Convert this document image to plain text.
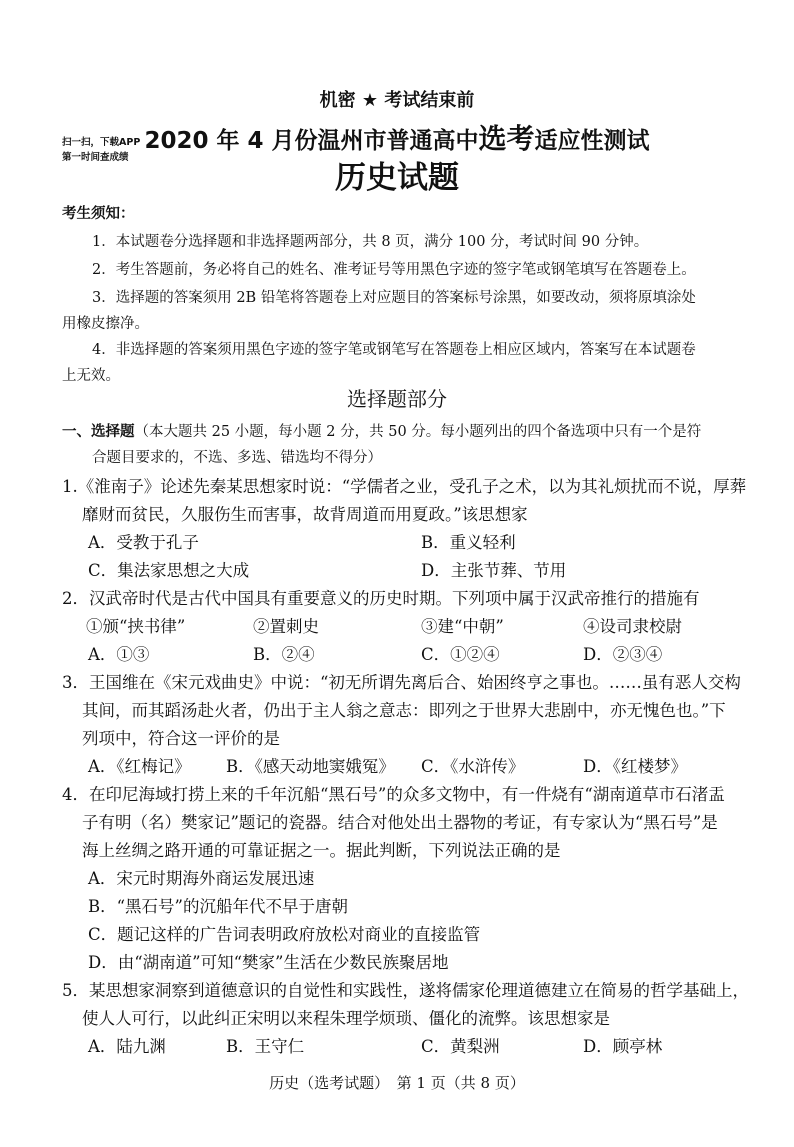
机密 ★ 考试结束前
2020 年 4 月份温州市普通高中选考适应性测试
扫一扫，下载APP
第一时间查成绩
历史试题
考生须知：
1．本试题卷分选择题和非选择题两部分，共 8 页，满分 100 分，考试时间 90 分钟。
2．考生答题前，务必将自己的姓名、准考证号等用黑色字迹的签字笔或钢笔填写在答题卷上。
3．选择题的答案须用 2B 铅笔将答题卷上对应题目的答案标号涂黑，如要改动，须将原填涂处
用橡皮擦净。
4．非选择题的答案须用黑色字迹的签字笔或钢笔写在答题卷上相应区域内，答案写在本试题卷
上无效。
选择题部分
一、选择题（本大题共 25 小题，每小题 2 分，共 50 分。每小题列出的四个备选项中只有一个是符
合题目要求的，不选、多选、错选均不得分）
1.《淮南子》论述先秦某思想家时说：“学儒者之业，受孔子之术，以为其礼烦扰而不说，厚葬
靡财而贫民，久服伤生而害事，故背周道而用夏政。”该思想家
A．受教于孔子	B．重义轻利
C．集法家思想之大成	D．主张节葬、节用
2．汉武帝时代是古代中国具有重要意义的历史时期。下列项中属于汉武帝推行的措施有
①颁“挟书律”	②置刺史	③建“中朝”	④设司隶校尉
A．①③	B．②④	C．①②④	D．②③④
3．王国维在《宋元戏曲史》中说：“初无所谓先离后合、始困终亨之事也。……虽有恶人交构
其间，而其蹈汤赴火者，仍出于主人翁之意志：即列之于世界大悲剧中，亦无愧色也。”下
列项中，符合这一评价的是
A．《红梅记》 B．《感天动地窦娥冤》 C．《水浒传》	D．《红楼梦》
4．在印尼海域打捞上来的千年沉船“黑石号”的众多文物中，有一件烧有“湖南道草市石渚盂
子有明（名）樊家记”题记的瓷器。结合对他处出土器物的考证，有专家认为“黑石号”是
海上丝绸之路开通的可靠证据之一。据此判断，下列说法正确的是
A．宋元时期海外商运发展迅速
B．“黑石号”的沉船年代不早于唐朝
C．题记这样的广告词表明政府放松对商业的直接监管
D．由“湖南道”可知“樊家”生活在少数民族聚居地
5．某思想家洞察到道德意识的自觉性和实践性，遂将儒家伦理道德建立在简易的哲学基础上，
使人人可行，以此纠正宋明以来程朱理学烦琐、僵化的流弊。该思想家是
A．陆九渊	B．王守仁	C．黄梨洲	D．顾亭林
历史（选考试题）　第 1 页（共 8 页）
